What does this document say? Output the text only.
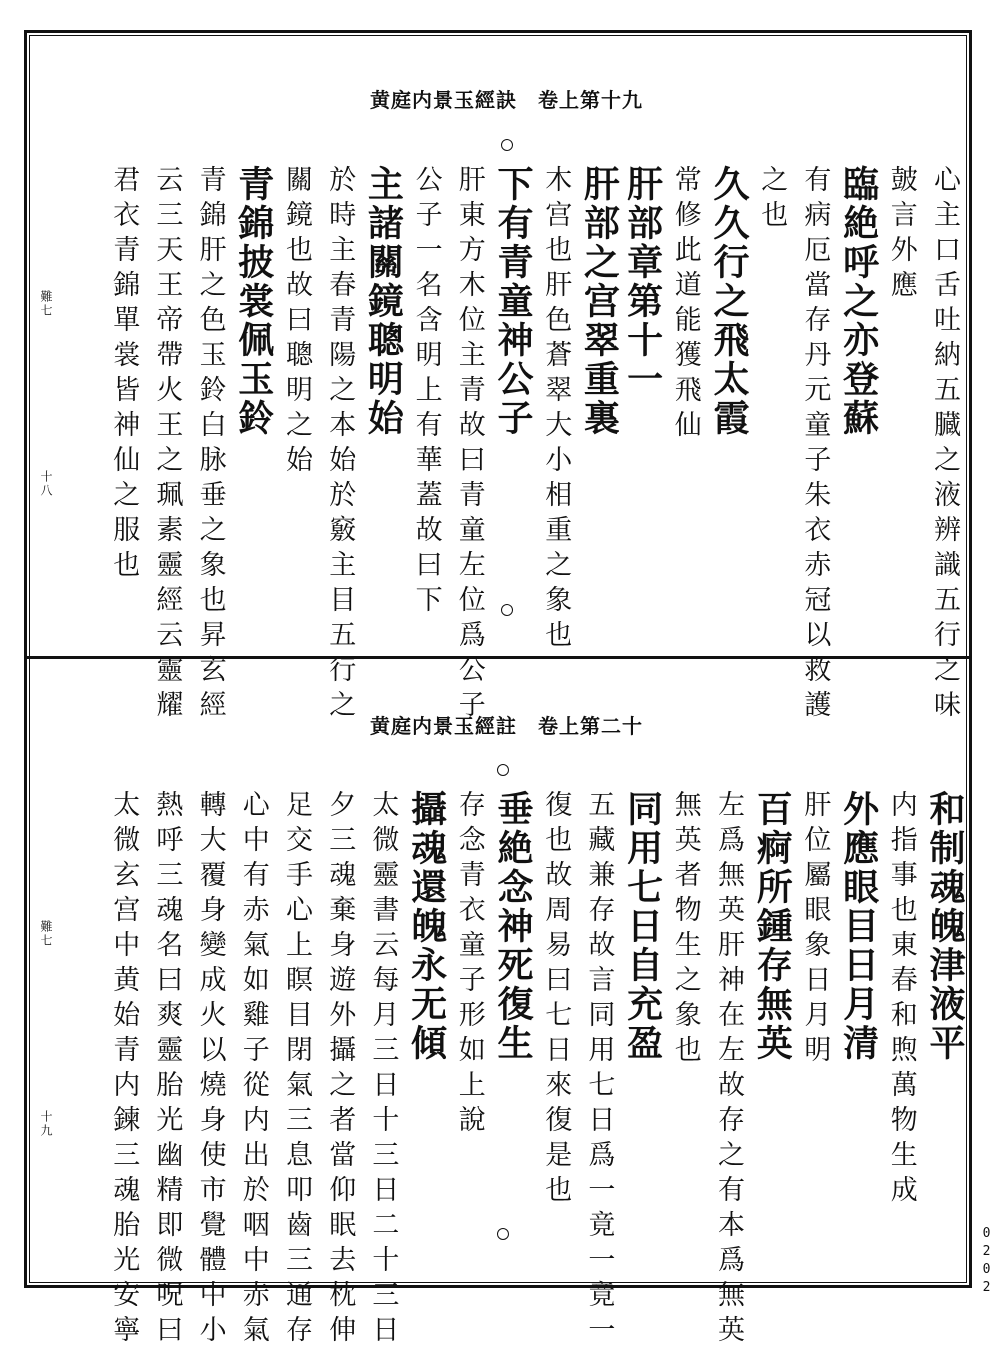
黄庭内景玉經訣　卷上第十九
心主口舌吐納五臓之液辨識五行之味
皷言外應
臨絶呼之亦登蘇
有病厄當存丹元童子朱衣赤冠以救護
之也
久久行之飛太霞
常修此道能獲飛仙
肝部章第十一
肝部之宫翠重裏
木宫也肝色蒼翠大小相重之象也
下有青童神公子
肝東方木位主青故曰青童左位爲公子
公子一名含明上有華蓋故曰下
主諸關鏡聰明始
於時主春青陽之本始於竅主目五行之
關鏡也故曰聰明之始
青錦披裳佩玉鈴
青錦肝之色玉鈴白脉垂之象也昇玄經
云三天王帝帶火王之珮素靈經云靈耀
君衣青錦單裳皆神仙之服也
難七
十八
黄庭内景玉經註　卷上第二十
和制魂魄津液平
内指事也東春和煦萬物生成
外應眼目日月清
肝位屬眼象日月明
百痾所鍾存無英
左爲無英肝神在左故存之有本爲無英
無英者物生之象也
同用七日自充盈
五藏兼存故言同用七日爲一竟一竟一
復也故周易曰七日來復是也
垂絶念神死復生
存念青衣童子形如上說
攝魂還魄永无傾
太微靈書云每月三日十三日二十三日
夕三魂棄身遊外攝之者當仰眠去枕伸
足交手心上瞑目閉氣三息叩齒三通存
心中有赤氣如雞子從内出於咽中赤氣
轉大覆身變成火以燒身使市覺體中小
熱呼三魂名曰爽靈胎光幽精即微呪曰
太微玄宫中黄始青内鍊三魂胎光安寧
難七
十九
0202
